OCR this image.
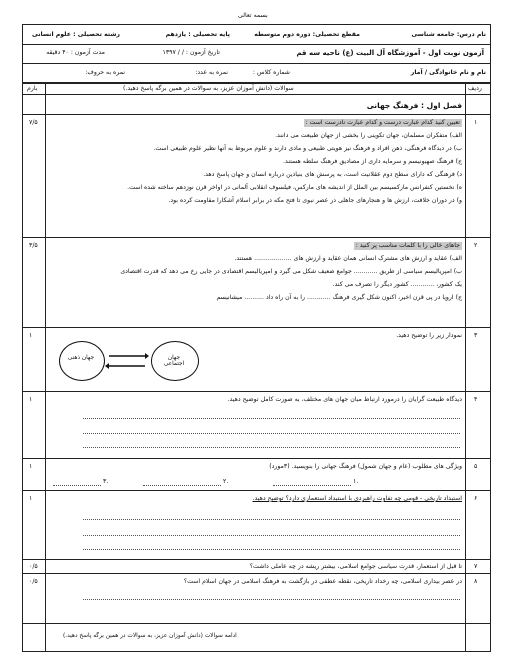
بسمه تعالی
نام درس: جامعه شناسی
مقطع تحصیلی: دوره دوم متوسطه
پایه تحصیلی : یازدهم
رشته تحصیلی : علوم انسانی
آزمون نوبت اول - آموزشگاه آل البیت (ع) ناحیه سه قم
تاریخ آزمون : / / ۱۳۹۷
مدت آزمون : ۴۰ دقیقه
نام و نام خانوادگی / آمار
شماره کلاس :
نمره به عدد:
نمره به حروف:
ردیف
سوالات (دانش آموزان عزیز، به سوالات در همین برگه پاسخ دهید.)
بارم
فصل اول : فرهنگ جهانی
۱
۷/۵	تعیین کنید کدام عبارت درست و کدام عبارت نادرست است :
الف) متفکران مسلمان، جهان تکوینی را بخشی از جهان طبیعت می دانند.
ب) در دیدگاه فرهنگی، ذهن افراد و فرهنگ نیز هویتی طبیعی و مادی دارند و علوم مربوط به آنها نظیر علوم طبیعی است.
ج) فرهنگ صهیونیسم و سرمایه داری از مصادیق فرهنگ سلطه هستند.
د) فرهنگی که دارای سطح دوم عقلانیت است، به پرسش های بنیادین درباره انسان و جهان پاسخ دهد.
ه) نخستین کنفرانس مارکسیسم بین الملل از اندیشه های مارکس، فیلسوف انقلابی آلمانی در اواخر قرن نوزدهم ساخته شده است.
و) در دوران خلافت، ارزش ها و هنجارهای جاهلی در عصر نبوی تا فتح مکه در برابر اسلام آشکارا مقاومت کرده بود.
۲
۳/۵	جاهای خالی را با کلمات مناسب پر کنید :
الف) عقاید و ارزش های مشترک انسانی همان عقاید و ارزش های ................... هستند.
ب) امپریالیسم سیاسی از طریق ............ جوامع ضعیف شکل می گیرد و امپریالیسم اقتصادی در جایی رخ می دهد که قدرت اقتصادی
یک کشور، ............ کشور دیگر را تصرف می کند.
ج) اروپا در پی قرن اخیر، اکنون شکل گیری فرهنگ ............ را به آن راه داد .......... میشانیسم
۳
۱	نمودار زیر را توضیح دهید.
جهان اجتماعی
جهان ذهنی
۴
۱	دیدگاه طبیعت گرایان را درمورد ارتباط میان جهان های مختلف، به صورت کامل توضیح دهید.
۵
۱	ویژگی های مطلوب (عام و جهان شمول) فرهنگ جهانی را بنویسید. (۳مورد)
۱.
۲.
۳.
۶
۱	استبداد تاریخی - قومی چه تفاوت راهبردی با استبداد استعماری دارد؟ توضیح دهید.
۷
۰/۵	تا قبل از استعمار، قدرت سیاسی جوامع اسلامی، بیشتر ریشه در چه عاملی داشت؟
۸
۰/۵	در عصر بیداری اسلامی، چه رخداد تاریخی، نقطه عطفی در بازگشت به فرهنگ اسلامی در جهان اسلام است؟
ادامه سوالات (دانش آموزان عزیز، به سوالات در همین برگه پاسخ دهید.)
